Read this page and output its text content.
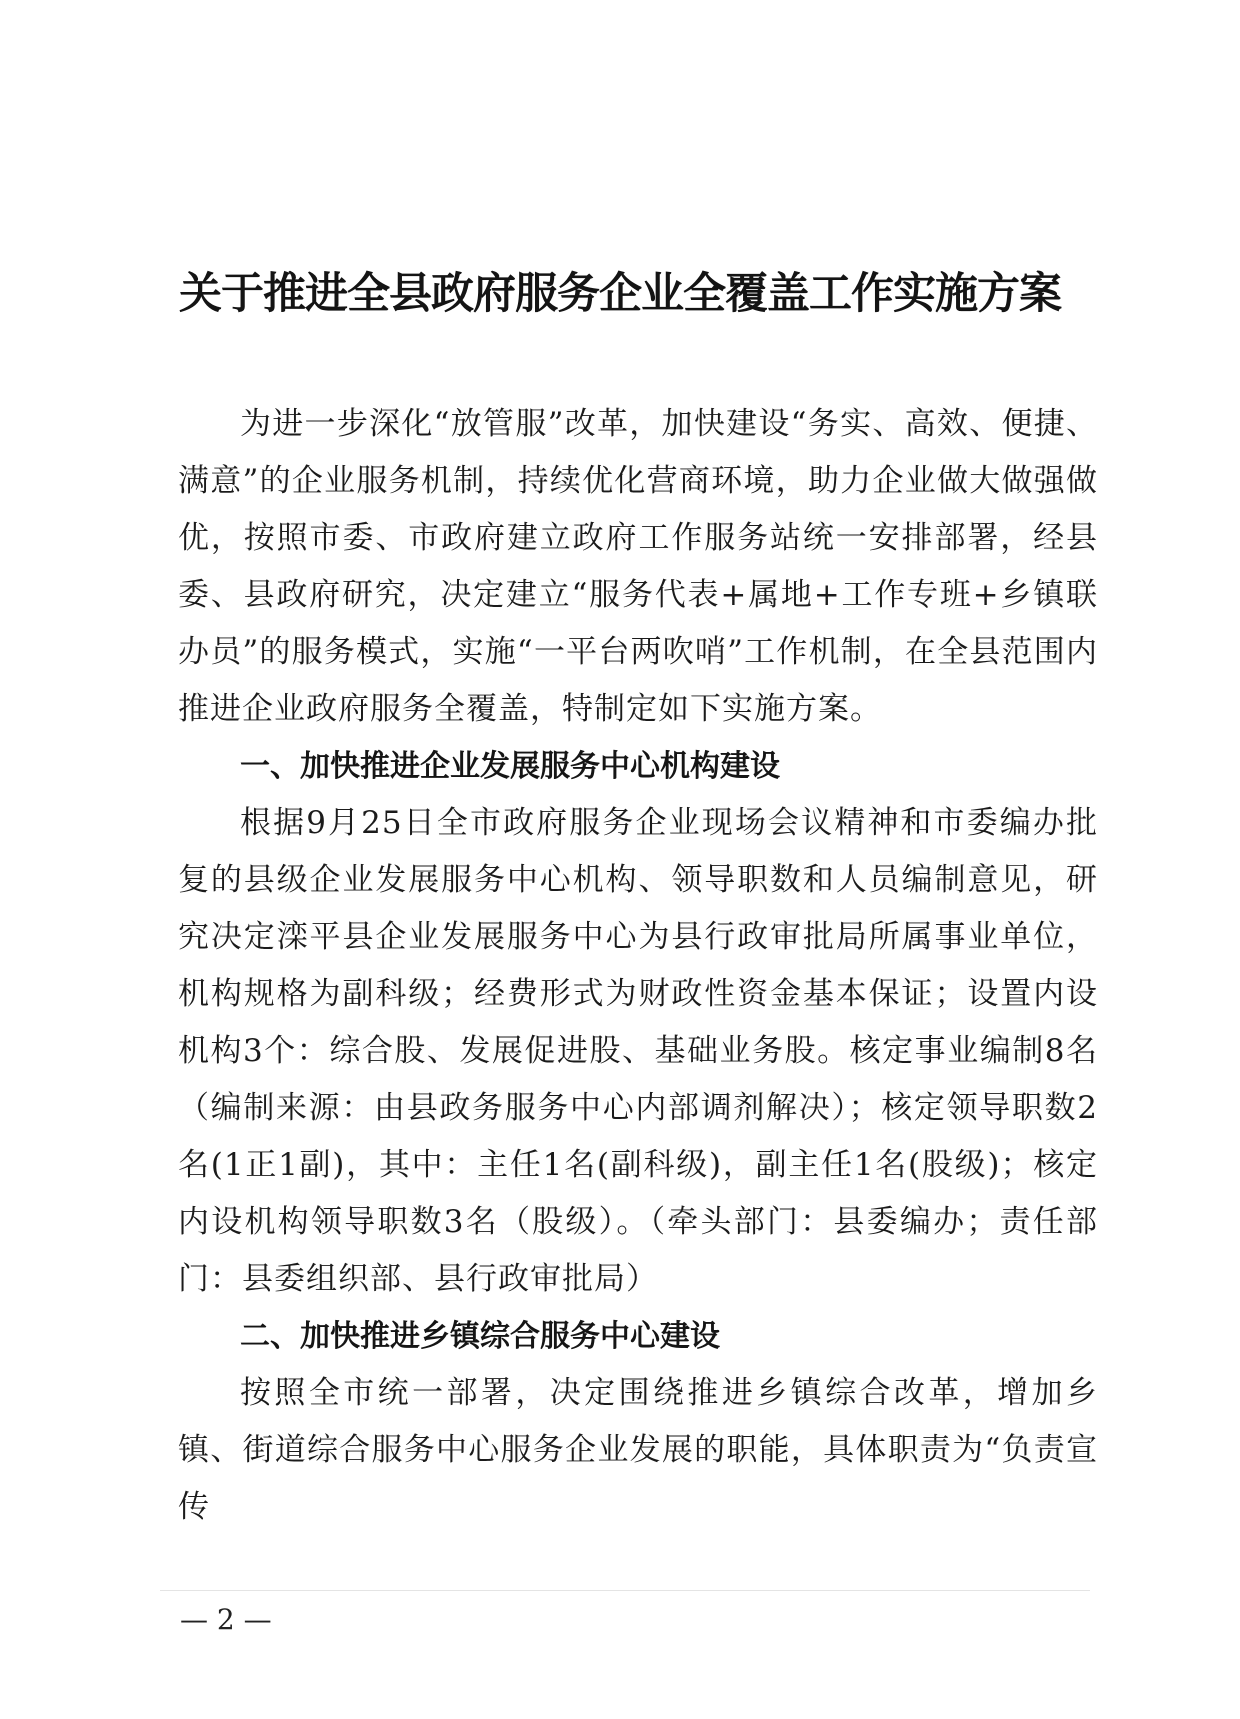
关于推进全县政府服务企业全覆盖工作实施方案

为进一步深化“放管服”改革，加快建设“务实、高效、便捷、满意”的企业服务机制，持续优化营商环境，助力企业做大做强做优，按照市委、市政府建立政府工作服务站统一安排部署，经县委、县政府研究，决定建立“服务代表+属地+工作专班+乡镇联办员”的服务模式，实施“一平台两吹哨”工作机制，在全县范围内推进企业政府服务全覆盖，特制定如下实施方案。

一、加快推进企业发展服务中心机构建设

根据9月25日全市政府服务企业现场会议精神和市委编办批复的县级企业发展服务中心机构、领导职数和人员编制意见，研究决定滦平县企业发展服务中心为县行政审批局所属事业单位，机构规格为副科级；经费形式为财政性资金基本保证；设置内设机构3个：综合股、发展促进股、基础业务股。核定事业编制8名（编制来源：由县政务服务中心内部调剂解决）；核定领导职数2名(1正1副)，其中：主任1名(副科级)，副主任1名(股级)；核定内设机构领导职数3名（股级）。（牵头部门：县委编办；责任部门：县委组织部、县行政审批局）

二、加快推进乡镇综合服务中心建设

按照全市统一部署，决定围绕推进乡镇综合改革，增加乡镇、街道综合服务中心服务企业发展的职能，具体职责为“负责宣传

— 2 —
